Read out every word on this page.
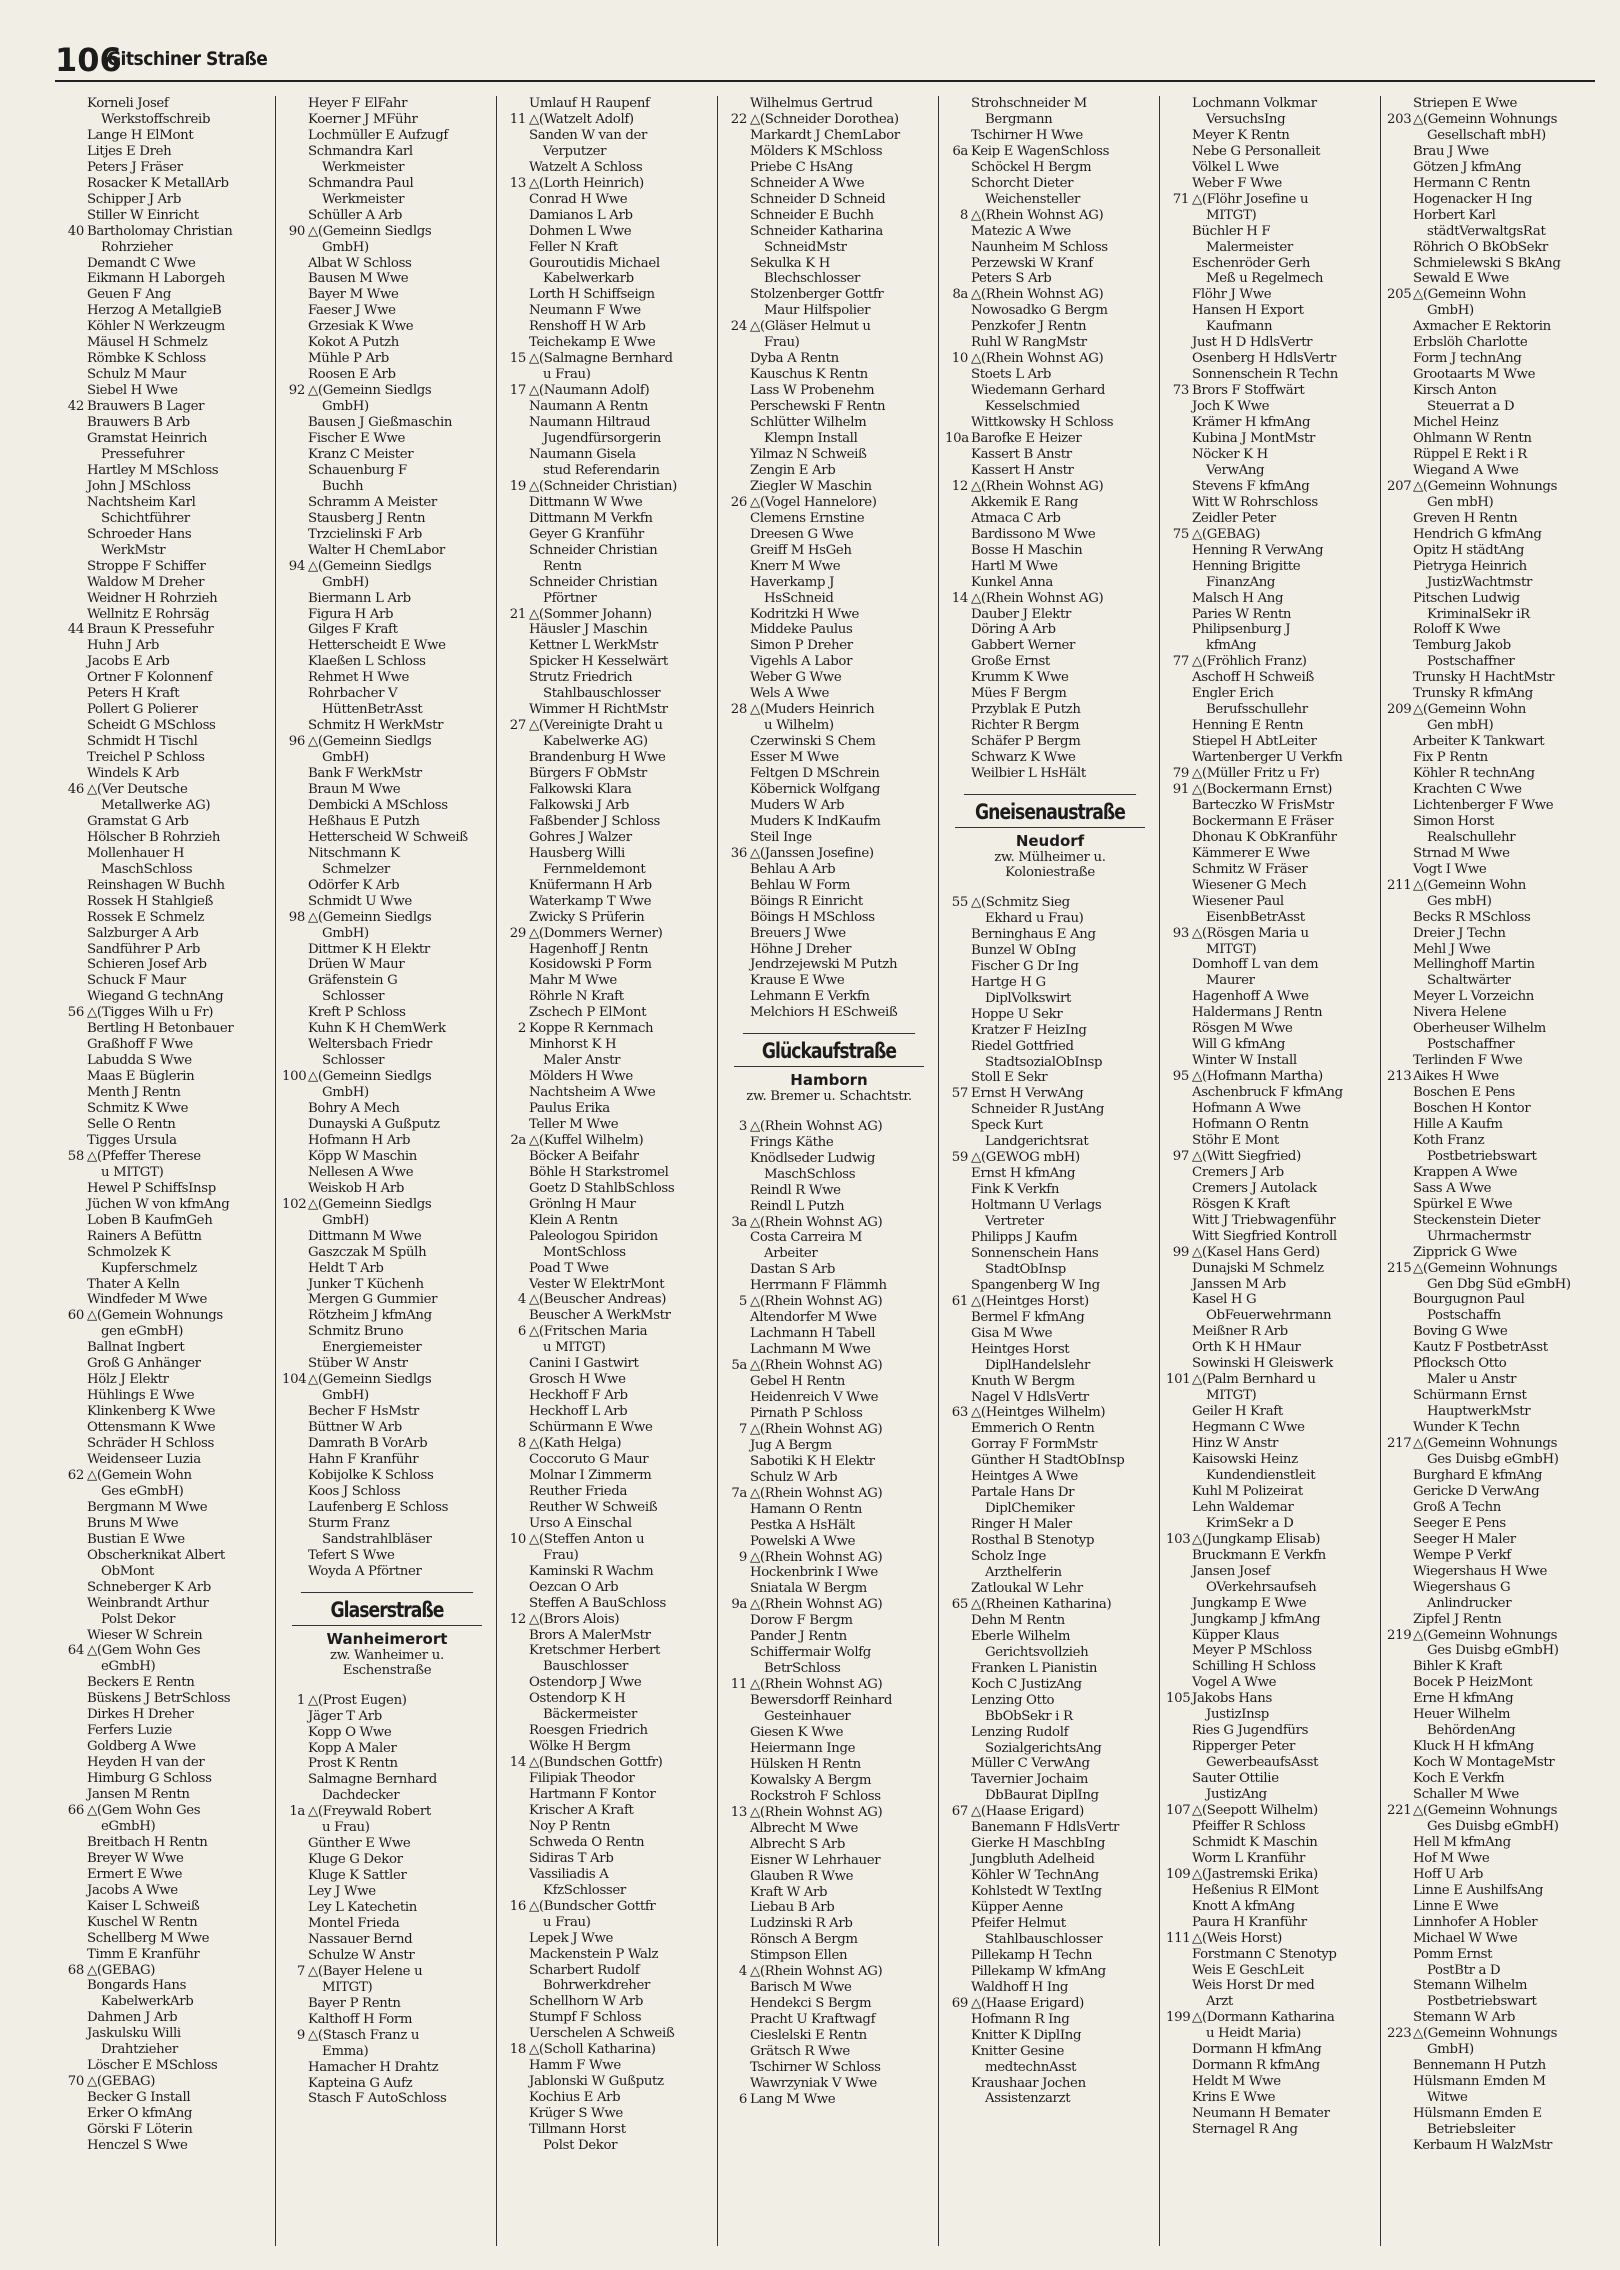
106
Gitschiner Straße
Korneli Josef
Werkstoffschreib
Lange H ElMont
Litjes E Dreh
Peters J Fräser
Rosacker K MetallArb
Schipper J Arb
Stiller W Einricht
40 Bartholomay Christian
Rohrzieher
Demandt C Wwe
Eikmann H Laborgeh
Geuen F Ang
Herzog A MetallgieB
Köhler N Werkzeugm
Mäusel H Schmelz
Römbke K Schloss
Schulz M Maur
Siebel H Wwe
42 Brauwers B Lager
Brauwers B Arb
Gramstat Heinrich
Pressefuhrer
Hartley M MSchloss
John J MSchloss
Nachtsheim Karl
Schichtführer
Schroeder Hans
WerkMstr
Stroppe F Schiffer
Waldow M Dreher
Weidner H Rohrzieh
Wellnitz E Rohrsäg
44 Braun K Pressefuhr
Huhn J Arb
Jacobs E Arb
Ortner F Kolonnenf
Peters H Kraft
Pollert G Polierer
Scheidt G MSchloss
Schmidt H Tischl
Treichel P Schloss
Windels K Arb
46 △(Ver Deutsche
Metallwerke AG)
Gramstat G Arb
Hölscher B Rohrzieh
Mollenhauer H
MaschSchloss
Reinshagen W Buchh
Rossek H Stahlgieß
Rossek E Schmelz
Salzburger A Arb
Sandführer P Arb
Schieren Josef Arb
Schuck F Maur
Wiegand G technAng
56 △(Tigges Wilh u Fr)
Bertling H Betonbauer
Graßhoff F Wwe
Labudda S Wwe
Maas E Büglerin
Menth J Rentn
Schmitz K Wwe
Selle O Rentn
Tigges Ursula
58 △(Pfeffer Therese
u MITGT)
Hewel P SchiffsInsp
Jüchen W von kfmAng
Loben B KaufmGeh
Rainers A Befüttn
Schmolzek K
Kupferschmelz
Thater A Kelln
Windfeder M Wwe
60 △(Gemein Wohnungs
gen eGmbH)
Ballnat Ingbert
Groß G Anhänger
Hölz J Elektr
Hühlings E Wwe
Klinkenberg K Wwe
Ottensmann K Wwe
Schräder H Schloss
Weidenseer Luzia
62 △(Gemein Wohn
Ges eGmbH)
Bergmann M Wwe
Bruns M Wwe
Bustian E Wwe
Obscherknikat Albert
ObMont
Schneberger K Arb
Weinbrandt Arthur
Polst Dekor
Wieser W Schrein
64 △(Gem Wohn Ges
eGmbH)
Beckers E Rentn
Büskens J BetrSchloss
Dirkes H Dreher
Ferfers Luzie
Goldberg A Wwe
Heyden H van der
Himburg G Schloss
Jansen M Rentn
66 △(Gem Wohn Ges
eGmbH)
Breitbach H Rentn
Breyer W Wwe
Ermert E Wwe
Jacobs A Wwe
Kaiser L Schweiß
Kuschel W Rentn
Schellberg M Wwe
Timm E Kranführ
68 △(GEBAG)
Bongards Hans
KabelwerkArb
Dahmen J Arb
Jaskulsku Willi
Drahtzieher
Löscher E MSchloss
70 △(GEBAG)
Becker G Install
Erker O kfmAng
Görski F Löterin
Henczel S Wwe
Heyer F ElFahr
Koerner J MFühr
Lochmüller E Aufzugf
Schmandra Karl
Werkmeister
Schmandra Paul
Werkmeister
Schüller A Arb
90 △(Gemeinn Siedlgs
GmbH)
Albat W Schloss
Bausen M Wwe
Bayer M Wwe
Faeser J Wwe
Grzesiak K Wwe
Kokot A Putzh
Mühle P Arb
Roosen E Arb
92 △(Gemeinn Siedlgs
GmbH)
Bausen J Gießmaschin
Fischer E Wwe
Kranz C Meister
Schauenburg F
Buchh
Schramm A Meister
Stausberg J Rentn
Trzcielinski F Arb
Walter H ChemLabor
94 △(Gemeinn Siedlgs
GmbH)
Biermann L Arb
Figura H Arb
Gilges F Kraft
Hetterscheidt E Wwe
Klaeßen L Schloss
Rehmet H Wwe
Rohrbacher V
HüttenBetrAsst
Schmitz H WerkMstr
96 △(Gemeinn Siedlgs
GmbH)
Bank F WerkMstr
Braun M Wwe
Dembicki A MSchloss
Heßhaus E Putzh
Hetterscheid W Schweiß
Nitschmann K
Schmelzer
Odörfer K Arb
Schmidt U Wwe
98 △(Gemeinn Siedlgs
GmbH)
Dittmer K H Elektr
Drüen W Maur
Gräfenstein G
Schlosser
Kreft P Schloss
Kuhn K H ChemWerk
Weltersbach Friedr
Schlosser
100 △(Gemeinn Siedlgs
GmbH)
Bohry A Mech
Dunayski A Gußputz
Hofmann H Arb
Köpp W Maschin
Nellesen A Wwe
Weiskob H Arb
102 △(Gemeinn Siedlgs
GmbH)
Dittmann M Wwe
Gaszczak M Spülh
Heldt T Arb
Junker T Küchenh
Mergen G Gummier
Rötzheim J kfmAng
Schmitz Bruno
Energiemeister
Stüber W Anstr
104 △(Gemeinn Siedlgs
GmbH)
Becher F HsMstr
Büttner W Arb
Damrath B VorArb
Hahn F Kranführ
Kobijolke K Schloss
Koos J Schloss
Laufenberg E Schloss
Sturm Franz
Sandstrahlbläser
Tefert S Wwe
Woyda A Pförtner
Glaserstraße
Wanheimerort
zw. Wanheimer u.
Eschenstraße
1 △(Prost Eugen)
Jäger T Arb
Kopp O Wwe
Kopp A Maler
Prost K Rentn
Salmagne Bernhard
Dachdecker
1a △(Freywald Robert
u Frau)
Günther E Wwe
Kluge G Dekor
Kluge K Sattler
Ley J Wwe
Ley L Katechetin
Montel Frieda
Nassauer Bernd
Schulze W Anstr
7 △(Bayer Helene u
MITGT)
Bayer P Rentn
Kalthoff H Form
9 △(Stasch Franz u
Emma)
Hamacher H Drahtz
Kapteina G Aufz
Stasch F AutoSchloss
Umlauf H Raupenf
11 △(Watzelt Adolf)
Sanden W van der
Verputzer
Watzelt A Schloss
13 △(Lorth Heinrich)
Conrad H Wwe
Damianos L Arb
Dohmen L Wwe
Feller N Kraft
Gouroutidis Michael
Kabelwerkarb
Lorth H Schiffseign
Neumann F Wwe
Renshoff H W Arb
Teichekamp E Wwe
15 △(Salmagne Bernhard
u Frau)
17 △(Naumann Adolf)
Naumann A Rentn
Naumann Hiltraud
Jugendfürsorgerin
Naumann Gisela
stud Referendarin
19 △(Schneider Christian)
Dittmann W Wwe
Dittmann M Verkfn
Geyer G Kranführ
Schneider Christian
Rentn
Schneider Christian
Pförtner
21 △(Sommer Johann)
Häusler J Maschin
Kettner L WerkMstr
Spicker H Kesselwärt
Strutz Friedrich
Stahlbauschlosser
Wimmer H RichtMstr
27 △(Vereinigte Draht u
Kabelwerke AG)
Brandenburg H Wwe
Bürgers F ObMstr
Falkowski Klara
Falkowski J Arb
Faßbender J Schloss
Gohres J Walzer
Hausberg Willi
Fernmeldemont
Knüfermann H Arb
Waterkamp T Wwe
Zwicky S Prüferin
29 △(Dommers Werner)
Hagenhoff J Rentn
Kosidowski P Form
Mahr M Wwe
Röhrle N Kraft
Zschech P ElMont
2 Koppe R Kernmach
Minhorst K H
Maler Anstr
Mölders H Wwe
Nachtsheim A Wwe
Paulus Erika
Teller M Wwe
2a △(Kuffel Wilhelm)
Böcker A Beifahr
Böhle H Starkstromel
Goetz D StahlbSchloss
Grönlng H Maur
Klein A Rentn
Paleologou Spiridon
MontSchloss
Poad T Wwe
Vester W ElektrMont
4 △(Beuscher Andreas)
Beuscher A WerkMstr
6 △(Fritschen Maria
u MITGT)
Canini I Gastwirt
Grosch H Wwe
Heckhoff F Arb
Heckhoff L Arb
Schürmann E Wwe
8 △(Kath Helga)
Coccoruto G Maur
Molnar I Zimmerm
Reuther Frieda
Reuther W Schweiß
Urso A Einschal
10 △(Steffen Anton u
Frau)
Kaminski R Wachm
Oezcan O Arb
Steffen A BauSchloss
12 △(Brors Alois)
Brors A MalerMstr
Kretschmer Herbert
Bauschlosser
Ostendorp J Wwe
Ostendorp K H
Bäckermeister
Roesgen Friedrich
Wölke H Bergm
14 △(Bundschen Gottfr)
Filipiak Theodor
Hartmann F Kontor
Krischer A Kraft
Noy P Rentn
Schweda O Rentn
Sidiras T Arb
Vassiliadis A
KfzSchlosser
16 △(Bundscher Gottfr
u Frau)
Lepek J Wwe
Mackenstein P Walz
Scharbert Rudolf
Bohrwerkdreher
Schellhorn W Arb
Stumpf F Schloss
Uerschelen A Schweiß
18 △(Scholl Katharina)
Hamm F Wwe
Jablonski W Gußputz
Kochius E Arb
Krüger S Wwe
Tillmann Horst
Polst Dekor
Wilhelmus Gertrud
22 △(Schneider Dorothea)
Markardt J ChemLabor
Mölders K MSchloss
Priebe C HsAng
Schneider A Wwe
Schneider D Schneid
Schneider E Buchh
Schneider Katharina
SchneidMstr
Sekulka K H
Blechschlosser
Stolzenberger Gottfr
Maur Hilfspolier
24 △(Gläser Helmut u
Frau)
Dyba A Rentn
Kauschus K Rentn
Lass W Probenehm
Perschewski F Rentn
Schlütter Wilhelm
Klempn Install
Yilmaz N Schweiß
Zengin E Arb
Ziegler W Maschin
26 △(Vogel Hannelore)
Clemens Ernstine
Dreesen G Wwe
Greiff M HsGeh
Knerr M Wwe
Haverkamp J
HsSchneid
Kodritzki H Wwe
Middeke Paulus
Simon P Dreher
Vigehls A Labor
Weber G Wwe
Wels A Wwe
28 △(Muders Heinrich
u Wilhelm)
Czerwinski S Chem
Esser M Wwe
Feltgen D MSchrein
Köbernick Wolfgang
Muders W Arb
Muders K IndKaufm
Steil Inge
36 △(Janssen Josefine)
Behlau A Arb
Behlau W Form
Böings R Einricht
Böings H MSchloss
Breuers J Wwe
Höhne J Dreher
Jendrzejewski M Putzh
Krause E Wwe
Lehmann E Verkfn
Melchiors H ESchweiß
Glückaufstraße
Hamborn
zw. Bremer u. Schachtstr.
3 △(Rhein Wohnst AG)
Frings Käthe
Knödlseder Ludwig
MaschSchloss
Reindl R Wwe
Reindl L Putzh
3a △(Rhein Wohnst AG)
Costa Carreira M
Arbeiter
Dastan S Arb
Herrmann F Flämmh
5 △(Rhein Wohnst AG)
Altendorfer M Wwe
Lachmann H Tabell
Lachmann M Wwe
5a △(Rhein Wohnst AG)
Gebel H Rentn
Heidenreich V Wwe
Pirnath P Schloss
7 △(Rhein Wohnst AG)
Jug A Bergm
Sabotiki K H Elektr
Schulz W Arb
7a △(Rhein Wohnst AG)
Hamann O Rentn
Pestka A HsHält
Powelski A Wwe
9 △(Rhein Wohnst AG)
Hockenbrink I Wwe
Sniatala W Bergm
9a △(Rhein Wohnst AG)
Dorow F Bergm
Pander J Rentn
Schiffermair Wolfg
BetrSchloss
11 △(Rhein Wohnst AG)
Bewersdorff Reinhard
Gesteinhauer
Giesen K Wwe
Heiermann Inge
Hülsken H Rentn
Kowalsky A Bergm
Rockstroh F Schloss
13 △(Rhein Wohnst AG)
Albrecht M Wwe
Albrecht S Arb
Eisner W Lehrhauer
Glauben R Wwe
Kraft W Arb
Liebau B Arb
Ludzinski R Arb
Rönsch A Bergm
Stimpson Ellen
4 △(Rhein Wohnst AG)
Barisch M Wwe
Hendekci S Bergm
Pracht U Kraftwagf
Cieslelski E Rentn
Grätsch R Wwe
Tschirner W Schloss
Wawrzyniak V Wwe
6 Lang M Wwe
Strohschneider M
Bergmann
Tschirner H Wwe
6a Keip E WagenSchloss
Schöckel H Bergm
Schorcht Dieter
Weichensteller
8 △(Rhein Wohnst AG)
Matezic A Wwe
Naunheim M Schloss
Perzewski W Kranf
Peters S Arb
8a △(Rhein Wohnst AG)
Nowosadko G Bergm
Penzkofer J Rentn
Ruhl W RangMstr
10 △(Rhein Wohnst AG)
Stoets L Arb
Wiedemann Gerhard
Kesselschmied
Wittkowsky H Schloss
10a Barofke E Heizer
Kassert B Anstr
Kassert H Anstr
12 △(Rhein Wohnst AG)
Akkemik E Rang
Atmaca C Arb
Bardissono M Wwe
Bosse H Maschin
Hartl M Wwe
Kunkel Anna
14 △(Rhein Wohnst AG)
Dauber J Elektr
Döring A Arb
Gabbert Werner
Große Ernst
Krumm K Wwe
Mües F Bergm
Przyblak E Putzh
Richter R Bergm
Schäfer P Bergm
Schwarz K Wwe
Weilbier L HsHält
Gneisenaustraße
Neudorf
zw. Mülheimer u.
Koloniestraße
55 △(Schmitz Sieg
Ekhard u Frau)
Berninghaus E Ang
Bunzel W ObIng
Fischer G Dr Ing
Hartge H G
DiplVolkswirt
Hoppe U Sekr
Kratzer F HeizIng
Riedel Gottfried
StadtsozialObInsp
Stoll E Sekr
57 Ernst H VerwAng
Schneider R JustAng
Speck Kurt
Landgerichtsrat
59 △(GEWOG mbH)
Ernst H kfmAng
Fink K Verkfn
Holtmann U Verlags
Vertreter
Philipps J Kaufm
Sonnenschein Hans
StadtObInsp
Spangenberg W Ing
61 △(Heintges Horst)
Bermel F kfmAng
Gisa M Wwe
Heintges Horst
DiplHandelslehr
Knuth W Bergm
Nagel V HdlsVertr
63 △(Heintges Wilhelm)
Emmerich O Rentn
Gorray F FormMstr
Günther H StadtObInsp
Heintges A Wwe
Partale Hans Dr
DiplChemiker
Ringer H Maler
Rosthal B Stenotyp
Scholz Inge
Arzthelferin
Zatloukal W Lehr
65 △(Rheinen Katharina)
Dehn M Rentn
Eberle Wilhelm
Gerichtsvollzieh
Franken L Pianistin
Koch C JustizAng
Lenzing Otto
BbObSekr i R
Lenzing Rudolf
SozialgerichtsAng
Müller C VerwAng
Tavernier Jochaim
DbBaurat DiplIng
67 △(Haase Erigard)
Banemann F HdlsVertr
Gierke H MaschbIng
Jungbluth Adelheid
Köhler W TechnAng
Kohlstedt W TextIng
Küpper Aenne
Pfeifer Helmut
Stahlbauschlosser
Pillekamp H Techn
Pillekamp W kfmAng
Waldhoff H Ing
69 △(Haase Erigard)
Hofmann R Ing
Knitter K DiplIng
Knitter Gesine
medtechnAsst
Kraushaar Jochen
Assistenzarzt
Lochmann Volkmar
VersuchsIng
Meyer K Rentn
Nebe G Personalleit
Völkel L Wwe
Weber F Wwe
71 △(Flöhr Josefine u
MITGT)
Büchler H F
Malermeister
Eschenröder Gerh
Meß u Regelmech
Flöhr J Wwe
Hansen H Export
Kaufmann
Just H D HdlsVertr
Osenberg H HdlsVertr
Sonnenschein R Techn
73 Brors F Stoffwärt
Joch K Wwe
Krämer H kfmAng
Kubina J MontMstr
Nöcker K H
VerwAng
Stevens F kfmAng
Witt W Rohrschloss
Zeidler Peter
75 △(GEBAG)
Henning R VerwAng
Henning Brigitte
FinanzAng
Malsch H Ang
Paries W Rentn
Philipsenburg J
kfmAng
77 △(Fröhlich Franz)
Aschoff H Schweiß
Engler Erich
Berufsschullehr
Henning E Rentn
Stiepel H AbtLeiter
Wartenberger U Verkfn
79 △(Müller Fritz u Fr)
91 △(Bockermann Ernst)
Barteczko W FrisMstr
Bockermann E Fräser
Dhonau K ObKranführ
Kämmerer E Wwe
Schmitz W Fräser
Wiesener G Mech
Wiesener Paul
EisenbBetrAsst
93 △(Rösgen Maria u
MITGT)
Domhoff L van dem
Maurer
Hagenhoff A Wwe
Haldermans J Rentn
Rösgen M Wwe
Will G kfmAng
Winter W Install
95 △(Hofmann Martha)
Aschenbruck F kfmAng
Hofmann A Wwe
Hofmann O Rentn
Stöhr E Mont
97 △(Witt Siegfried)
Cremers J Arb
Cremers J Autolack
Rösgen K Kraft
Witt J Triebwagenführ
Witt Siegfried Kontroll
99 △(Kasel Hans Gerd)
Dunajski M Schmelz
Janssen M Arb
Kasel H G
ObFeuerwehrmann
Meißner R Arb
Orth K H HMaur
Sowinski H Gleiswerk
101 △(Palm Bernhard u
MITGT)
Geiler H Kraft
Hegmann C Wwe
Hinz W Anstr
Kaisowski Heinz
Kundendienstleit
Kuhl M Polizeirat
Lehn Waldemar
KrimSekr a D
103 △(Jungkamp Elisab)
Bruckmann E Verkfn
Jansen Josef
OVerkehrsaufseh
Jungkamp E Wwe
Jungkamp J kfmAng
Küpper Klaus
Meyer P MSchloss
Schilling H Schloss
Vogel A Wwe
105 Jakobs Hans
JustizInsp
Ries G Jugendfürs
Ripperger Peter
GewerbeaufsAsst
Sauter Ottilie
JustizAng
107 △(Seepott Wilhelm)
Pfeiffer R Schloss
Schmidt K Maschin
Worm L Kranführ
109 △(Jastremski Erika)
Heßenius R ElMont
Knott A kfmAng
Paura H Kranführ
111 △(Weis Horst)
Forstmann C Stenotyp
Weis E GeschLeit
Weis Horst Dr med
Arzt
199 △(Dormann Katharina
u Heidt Maria)
Dormann H kfmAng
Dormann R kfmAng
Heldt M Wwe
Krins E Wwe
Neumann H Bemater
Sternagel R Ang
Striepen E Wwe
203 △(Gemeinn Wohnungs
Gesellschaft mbH)
Brau J Wwe
Götzen J kfmAng
Hermann C Rentn
Hogenacker H Ing
Horbert Karl
städtVerwaltgsRat
Röhrich O BkObSekr
Schmielewski S BkAng
Sewald E Wwe
205 △(Gemeinn Wohn
GmbH)
Axmacher E Rektorin
Erbslöh Charlotte
Form J technAng
Grootaarts M Wwe
Kirsch Anton
Steuerrat a D
Michel Heinz
Ohlmann W Rentn
Rüppel E Rekt i R
Wiegand A Wwe
207 △(Gemeinn Wohnungs
Gen mbH)
Greven H Rentn
Hendrich G kfmAng
Opitz H städtAng
Pietryga Heinrich
JustizWachtmstr
Pitschen Ludwig
KriminalSekr iR
Roloff K Wwe
Temburg Jakob
Postschaffner
Trunsky H HachtMstr
Trunsky R kfmAng
209 △(Gemeinn Wohn
Gen mbH)
Arbeiter K Tankwart
Fix P Rentn
Köhler R technAng
Krachten C Wwe
Lichtenberger F Wwe
Simon Horst
Realschullehr
Strnad M Wwe
Vogt I Wwe
211 △(Gemeinn Wohn
Ges mbH)
Becks R MSchloss
Dreier J Techn
Mehl J Wwe
Mellinghoff Martin
Schaltwärter
Meyer L Vorzeichn
Nivera Helene
Oberheuser Wilhelm
Postschaffner
Terlinden F Wwe
213 Aikes H Wwe
Boschen E Pens
Boschen H Kontor
Hille A Kaufm
Koth Franz
Postbetriebswart
Krappen A Wwe
Sass A Wwe
Spürkel E Wwe
Steckenstein Dieter
Uhrmachermstr
Zipprick G Wwe
215 △(Gemeinn Wohnungs
Gen Dbg Süd eGmbH)
Bourgugnon Paul
Postschaffn
Boving G Wwe
Kautz F PostbetrAsst
Pflocksch Otto
Maler u Anstr
Schürmann Ernst
HauptwerkMstr
Wunder K Techn
217 △(Gemeinn Wohnungs
Ges Duisbg eGmbH)
Burghard E kfmAng
Gericke D VerwAng
Groß A Techn
Seeger E Pens
Seeger H Maler
Wempe P Verkf
Wiegershaus H Wwe
Wiegershaus G
Anlindrucker
Zipfel J Rentn
219 △(Gemeinn Wohnungs
Ges Duisbg eGmbH)
Bihler K Kraft
Bocek P HeizMont
Erne H kfmAng
Heuer Wilhelm
BehördenAng
Kluck H H kfmAng
Koch W MontageMstr
Koch E Verkfn
Schaller M Wwe
221 △(Gemeinn Wohnungs
Ges Duisbg eGmbH)
Hell M kfmAng
Hof M Wwe
Hoff U Arb
Linne E AushilfsAng
Linne E Wwe
Linnhofer A Hobler
Michael W Wwe
Pomm Ernst
PostBtr a D
Stemann Wilhelm
Postbetriebswart
Stemann W Arb
223 △(Gemeinn Wohnungs
GmbH)
Bennemann H Putzh
Hülsmann Emden M
Witwe
Hülsmann Emden E
Betriebsleiter
Kerbaum H WalzMstr
